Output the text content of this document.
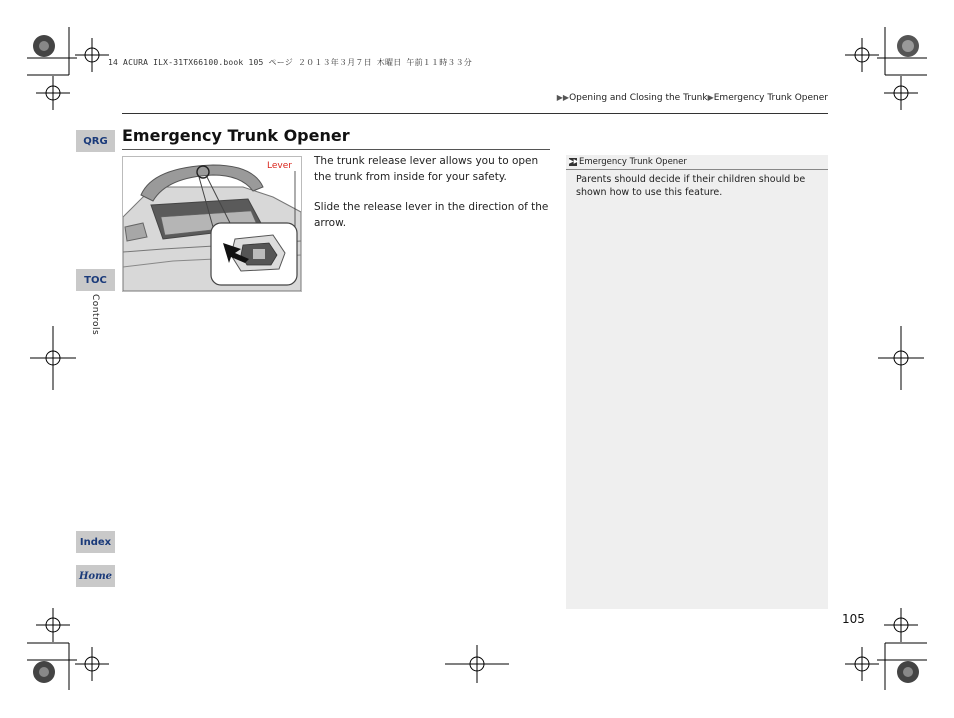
14 ACURA ILX-31TX66100.book 105 ページ ２０１３年３月７日 木曜日 午前１１時３３分
▶▶Opening and Closing the Trunk▶Emergency Trunk Opener
Emergency Trunk Opener
QRG
TOC
Controls
Index
Home
Lever The trunk release lever allows you to open the trunk from inside for your safety.

Slide the release lever in the direction of the arrow.

▶▶ Emergency Trunk Opener
Parents should decide if their children should be shown how to use this feature.
105
